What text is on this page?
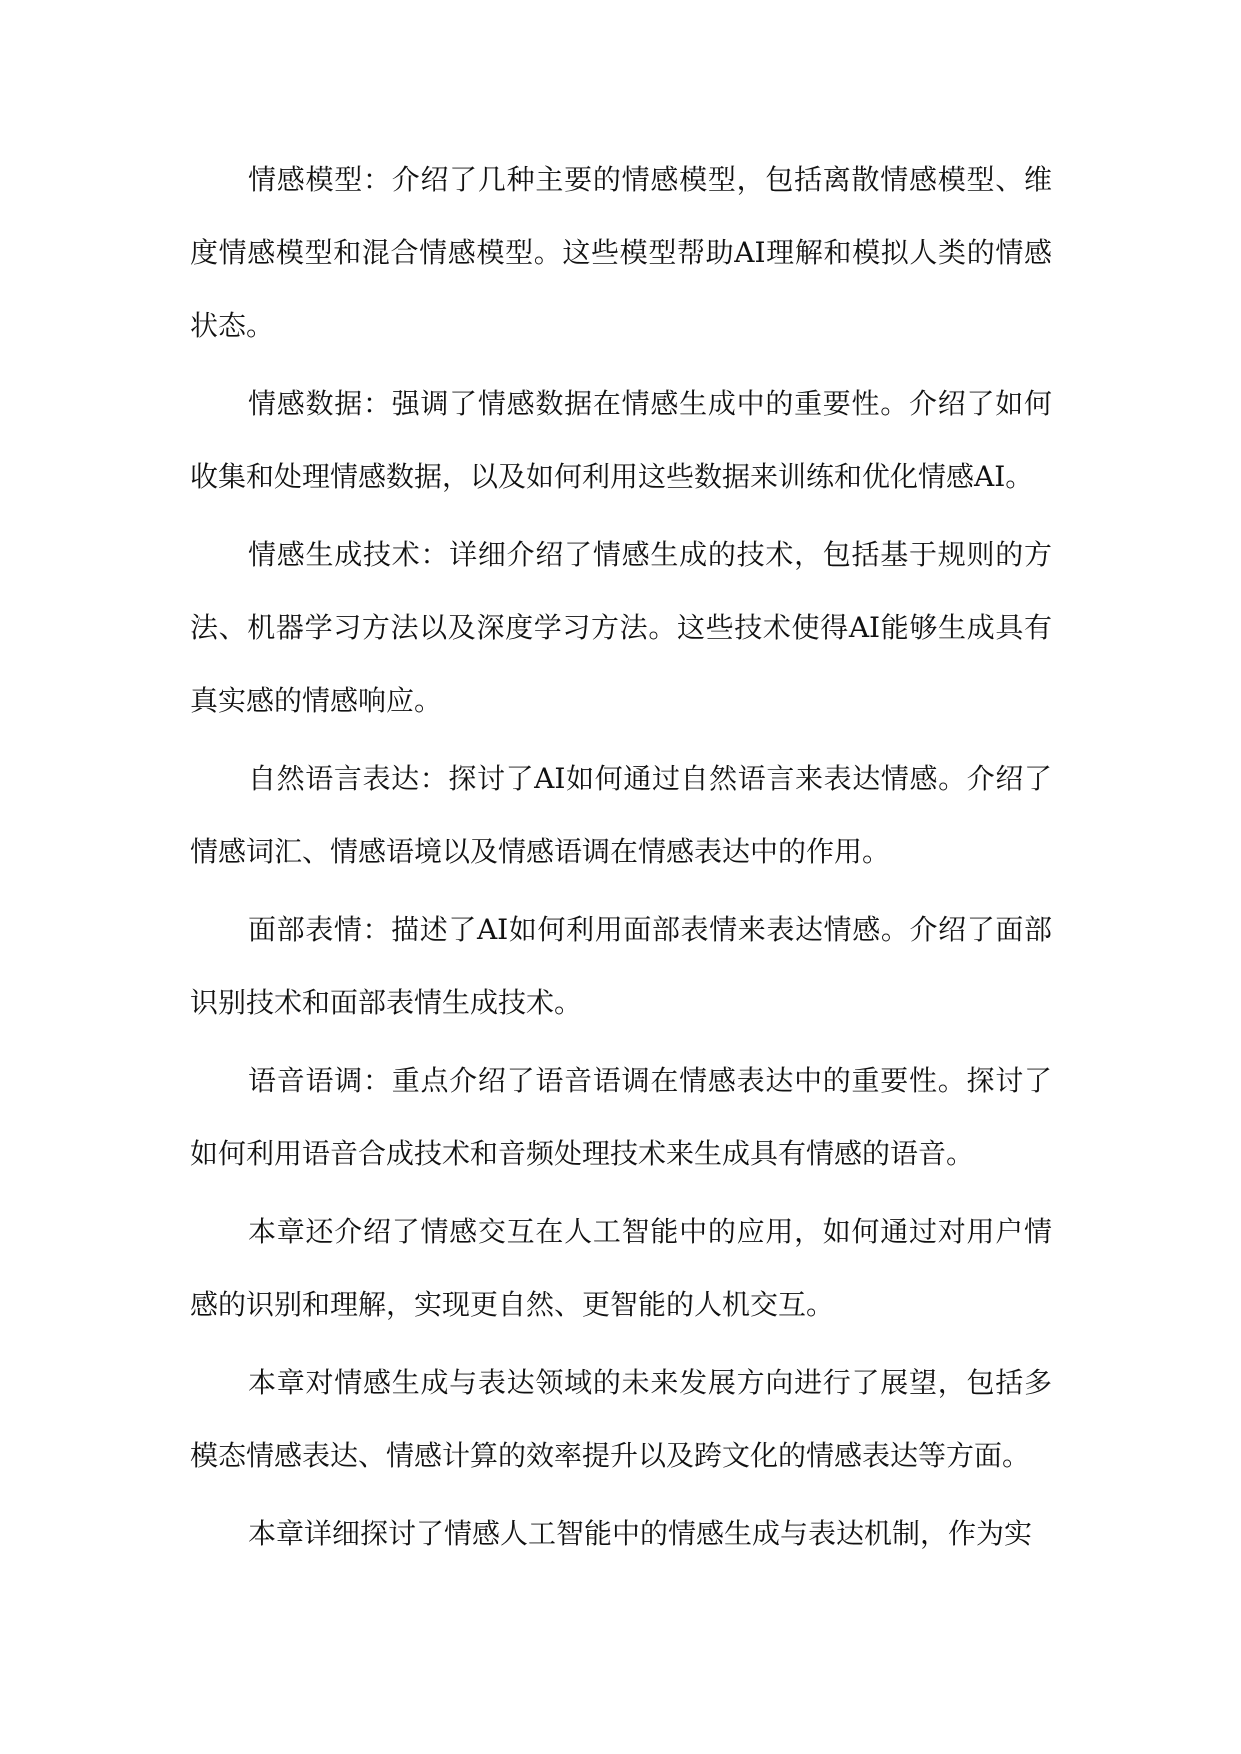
情感模型：介绍了几种主要的情感模型，包括离散情感模型、维度情感模型和混合情感模型。这些模型帮助AI理解和模拟人类的情感状态。

情感数据：强调了情感数据在情感生成中的重要性。介绍了如何收集和处理情感数据，以及如何利用这些数据来训练和优化情感AI。

情感生成技术：详细介绍了情感生成的技术，包括基于规则的方法、机器学习方法以及深度学习方法。这些技术使得AI能够生成具有真实感的情感响应。

自然语言表达：探讨了AI如何通过自然语言来表达情感。介绍了情感词汇、情感语境以及情感语调在情感表达中的作用。

面部表情：描述了AI如何利用面部表情来表达情感。介绍了面部识别技术和面部表情生成技术。

语音语调：重点介绍了语音语调在情感表达中的重要性。探讨了如何利用语音合成技术和音频处理技术来生成具有情感的语音。

本章还介绍了情感交互在人工智能中的应用，如何通过对用户情感的识别和理解，实现更自然、更智能的人机交互。

本章对情感生成与表达领域的未来发展方向进行了展望，包括多模态情感表达、情感计算的效率提升以及跨文化的情感表达等方面。

本章详细探讨了情感人工智能中的情感生成与表达机制，作为实
